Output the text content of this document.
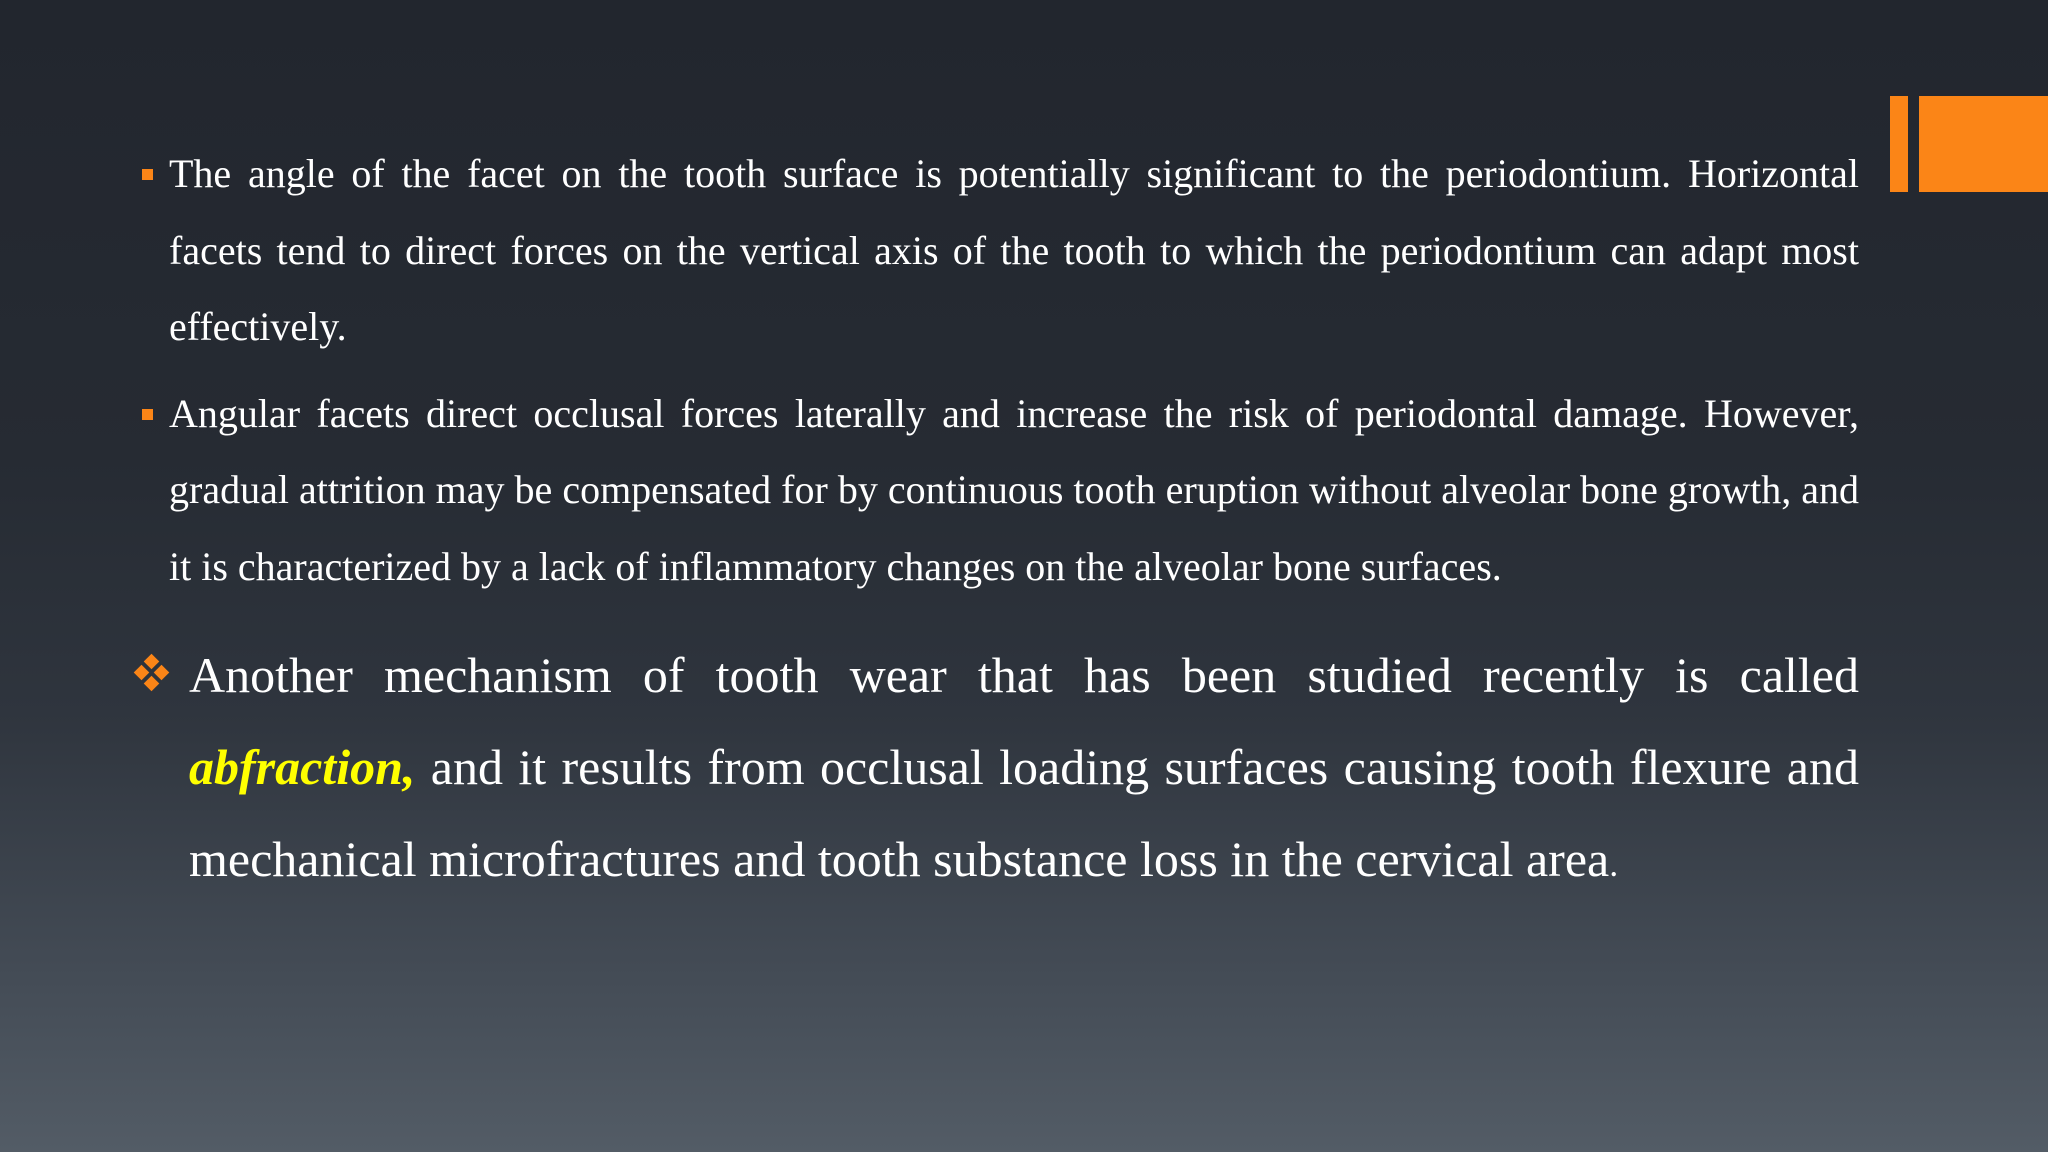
The angle of the facet on the tooth surface is potentially significant to the periodontium. Horizontal facets tend to direct forces on the vertical axis of the tooth to which the periodontium can adapt most effectively.
Angular facets direct occlusal forces laterally and increase the risk of periodontal damage. However, gradual attrition may be compensated for by continuous tooth eruption without alveolar bone growth, and it is characterized by a lack of inflammatory changes on the alveolar bone surfaces.
Another mechanism of tooth wear that has been studied recently is called abfraction, and it results from occlusal loading surfaces causing tooth flexure and mechanical microfractures and tooth substance loss in the cervical area.
